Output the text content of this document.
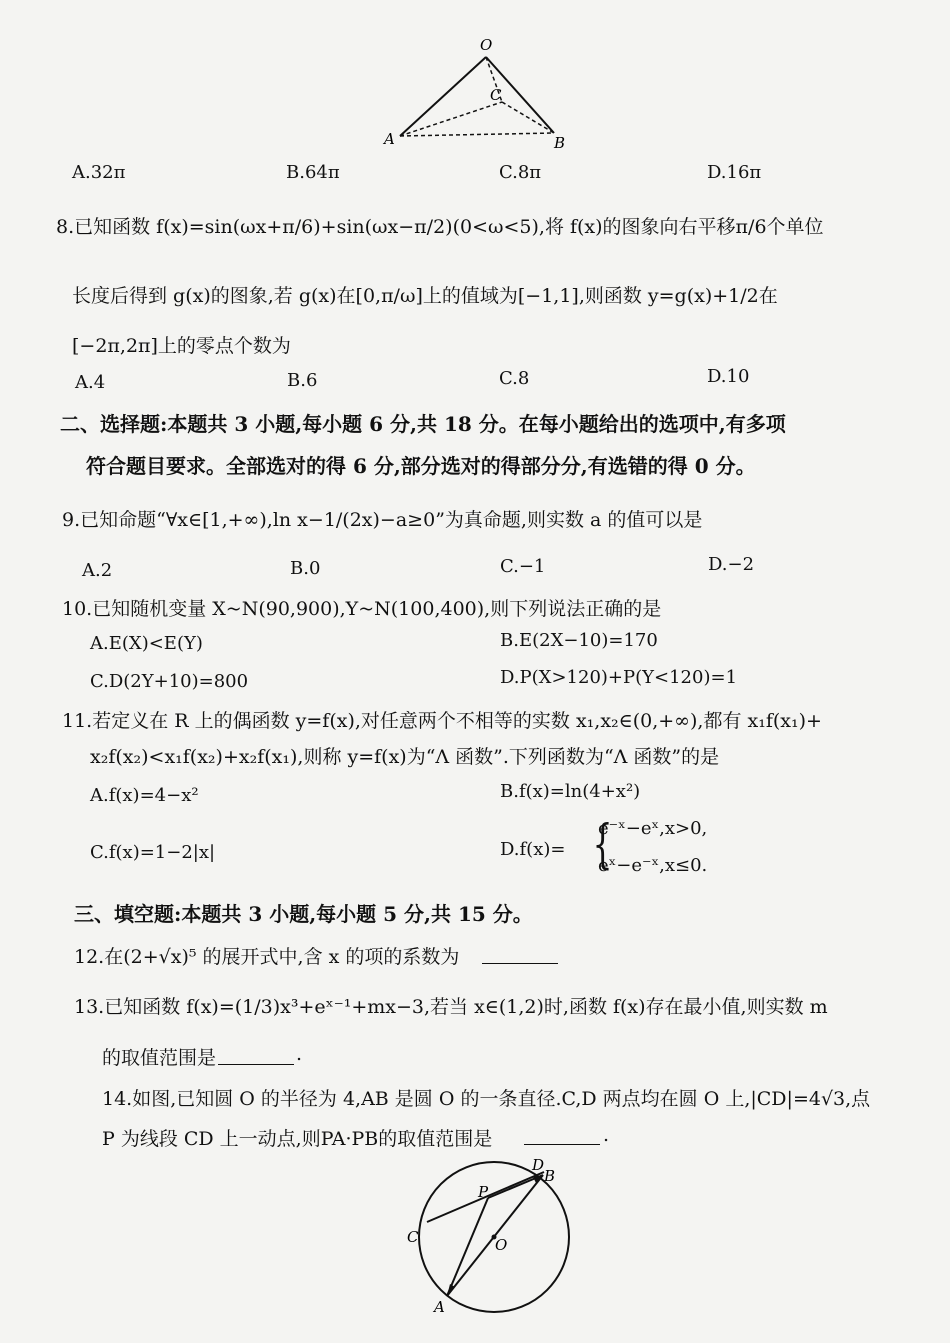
O
C
A	B
A.32π	B.64π	C.8π	D.16π
8.已知函数 f(x)=sin(ωx+π/6)+sin(ωx−π/2)(0<ω<5),将 f(x)的图象向右平移π/6个单位
长度后得到 g(x)的图象,若 g(x)在[0,π/ω]上的值域为[−1,1],则函数 y=g(x)+1/2在
[−2π,2π]上的零点个数为
A.4	B.6	C.8	D.10
二、选择题:本题共 3 小题,每小题 6 分,共 18 分。在每小题给出的选项中,有多项
符合题目要求。全部选对的得 6 分,部分选对的得部分分,有选错的得 0 分。
9.已知命题“∀x∈[1,+∞),ln x−1/(2x)−a≥0”为真命题,则实数 a 的值可以是
A.2	B.0	C.−1	D.−2
10.已知随机变量 X~N(90,900),Y~N(100,400),则下列说法正确的是
A.E(X)<E(Y)	B.E(2X−10)=170
C.D(2Y+10)=800	D.P(X>120)+P(Y<120)=1
11.若定义在 R 上的偶函数 y=f(x),对任意两个不相等的实数 x₁,x₂∈(0,+∞),都有 x₁f(x₁)+
x₂f(x₂)<x₁f(x₂)+x₂f(x₁),则称 y=f(x)为“Λ 函数”.下列函数为“Λ 函数”的是
A.f(x)=4−x²	B.f(x)=ln(4+x²)
C.f(x)=1−2|x|	D.f(x)= {
e⁻ˣ−eˣ,x>0,
eˣ−e⁻ˣ,x≤0.
三、填空题:本题共 3 小题,每小题 5 分,共 15 分。
12.在(2+√x)⁵ 的展开式中,含 x 的项的系数为
13.已知函数 f(x)=(1/3)x³+eˣ⁻¹+mx−3,若当 x∈(1,2)时,函数 f(x)存在最小值,则实数 m
的取值范围是	.
14.如图,已知圆 O 的半径为 4,AB 是圆 O 的一条直径.C,D 两点均在圆 O 上,|CD|=4√3,点
P 为线段 CD 上一动点,则PA·PB的取值范围是	.
D
B
P
C	O
A
